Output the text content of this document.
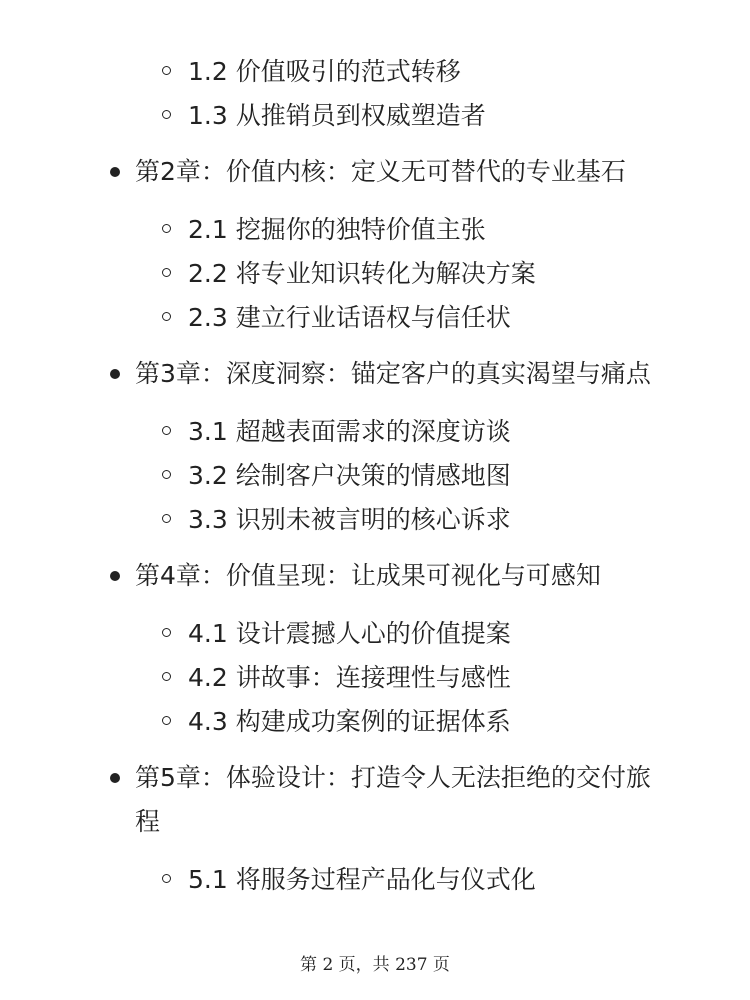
1.2 价值吸引的范式转移
1.3 从推销员到权威塑造者
第2章：价值内核：定义无可替代的专业基石
2.1 挖掘你的独特价值主张
2.2 将专业知识转化为解决方案
2.3 建立行业话语权与信任状
第3章：深度洞察：锚定客户的真实渴望与痛点
3.1 超越表面需求的深度访谈
3.2 绘制客户决策的情感地图
3.3 识别未被言明的核心诉求
第4章：价值呈现：让成果可视化与可感知
4.1 设计震撼人心的价值提案
4.2 讲故事：连接理性与感性
4.3 构建成功案例的证据体系
第5章：体验设计：打造令人无法拒绝的交付旅程
5.1 将服务过程产品化与仪式化
第 2 页，共 237 页
